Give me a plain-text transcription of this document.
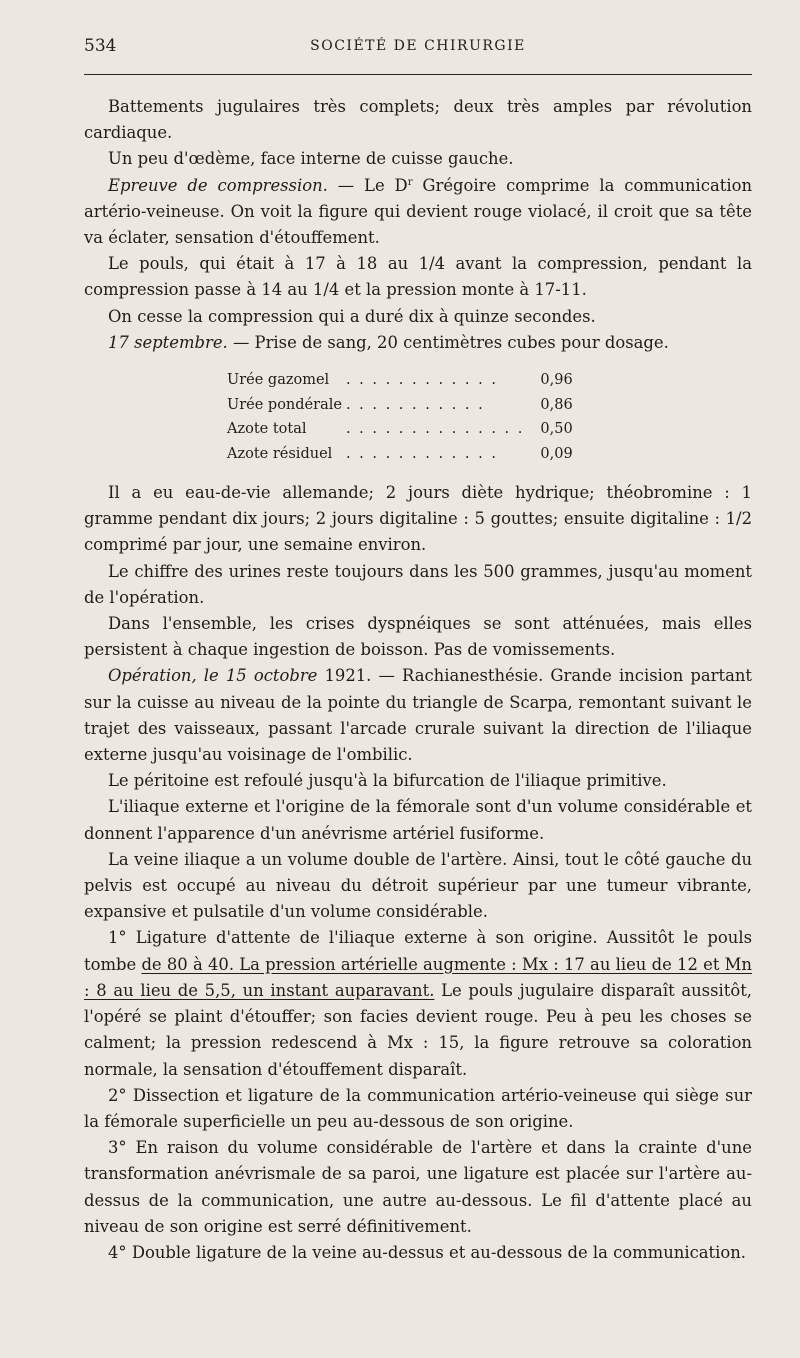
534	SOCIÉTÉ DE CHIRURGIE

Battements jugulaires très complets; deux très amples par révolution cardiaque.

Un peu d'œdème, face interne de cuisse gauche.

Epreuve de compression. — Le $D^r$ Grégoire comprime la communication artério-veineuse. On voit la figure qui devient rouge violacé, il croit que sa tête va éclater, sensation d'étouffement.

Le pouls, qui était à 17 à 18 au 1/4 avant la compression, pendant la compression passe à 14 au 1/4 et la pression monte à 17-11.

On cesse la compression qui a duré dix à quinze secondes.

17 septembre. — Prise de sang, 20 centimètres cubes pour dosage.

Urée gazomel	. . . . . . . . . . . .	0,96
Urée pondérale	. . . . . . . . . . .	0,86
Azote total	. . . . . . . . . . . . . .	0,50
Azote résiduel	. . . . . . . . . . . .	0,09

Il a eu eau-de-vie allemande; 2 jours diète hydrique; théobromine : 1 gramme pendant dix jours; 2 jours digitaline : 5 gouttes; ensuite digitaline : 1/2 comprimé par jour, une semaine environ.

Le chiffre des urines reste toujours dans les 500 grammes, jusqu'au moment de l'opération.

Dans l'ensemble, les crises dyspnéiques se sont atténuées, mais elles persistent à chaque ingestion de boisson. Pas de vomissements.

Opération, le 15 octobre 1921. — Rachianesthésie. Grande incision partant sur la cuisse au niveau de la pointe du triangle de Scarpa, remontant suivant le trajet des vaisseaux, passant l'arcade crurale suivant la direction de l'iliaque externe jusqu'au voisinage de l'ombilic.

Le péritoine est refoulé jusqu'à la bifurcation de l'iliaque primitive.

L'iliaque externe et l'origine de la fémorale sont d'un volume considérable et donnent l'apparence d'un anévrisme artériel fusiforme.

La veine iliaque a un volume double de l'artère. Ainsi, tout le côté gauche du pelvis est occupé au niveau du détroit supérieur par une tumeur vibrante, expansive et pulsatile d'un volume considérable.

1° Ligature d'attente de l'iliaque externe à son origine. Aussitôt le pouls tombe de 80 à 40. La pression artérielle augmente : Mx : 17 au lieu de 12 et Mn : 8 au lieu de 5,5, un instant auparavant. Le pouls jugulaire disparaît aussitôt, l'opéré se plaint d'étouffer; son facies devient rouge. Peu à peu les choses se calment; la pression redescend à Mx : 15, la figure retrouve sa coloration normale, la sensation d'étouffement disparaît.

2° Dissection et ligature de la communication artério-veineuse qui siège sur la fémorale superficielle un peu au-dessous de son origine.

3° En raison du volume considérable de l'artère et dans la crainte d'une transformation anévrismale de sa paroi, une ligature est placée sur l'artère au-dessus de la communication, une autre au-dessous. Le fil d'attente placé au niveau de son origine est serré définitivement.

4° Double ligature de la veine au-dessus et au-dessous de la communication.
